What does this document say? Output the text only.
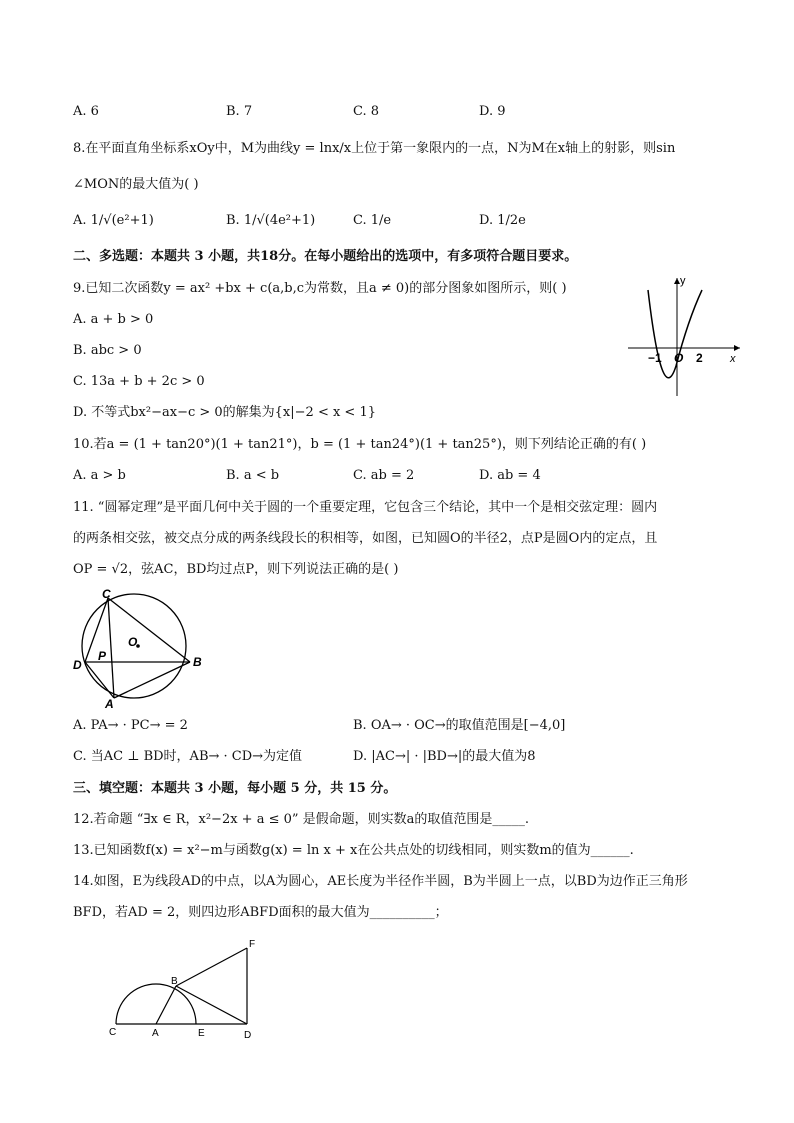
A. 6	B. 7	C. 8	D. 9
8.在平面直角坐标系xOy中，M为曲线y = lnx/x上位于第一象限内的一点，N为M在x轴上的射影，则sin
∠MON的最大值为( )
A. 1/√(e²+1)	B. 1/√(4e²+1)	C. 1/e	D. 1/2e
二、多选题：本题共 3 小题，共18分。在每小题给出的选项中，有多项符合题目要求。
9.已知二次函数y = ax² +bx + c(a,b,c为常数，且a ≠ 0)的部分图象如图所示，则( )
A. a + b > 0
B. abc > 0
C. 13a + b + 2c > 0
D. 不等式bx²−ax−c > 0的解集为{x|−2 < x < 1}
y
x
−1 O 2
10.若a = (1 + tan20°)(1 + tan21°)，b = (1 + tan24°)(1 + tan25°)，则下列结论正确的有( )
A. a > b	B. a < b	C. ab = 2	D. ab = 4
11. “圆幂定理”是平面几何中关于圆的一个重要定理，它包含三个结论，其中一个是相交弦定理：圆内
的两条相交弦，被交点分成的两条线段长的积相等，如图，已知圆O的半径2，点P是圆O内的定点，且
OP = √2，弦AC，BD均过点P，则下列说法正确的是( )
C
O
D
P	B
A
A. PA→ · PC→ = 2	B. OA→ · OC→的取值范围是[−4,0]
C. 当AC ⊥ BD时，AB→ · CD→为定值	D. |AC→| · |BD→|的最大值为8
三、填空题：本题共 3 小题，每小题 5 分，共 15 分。
12.若命题 “∃x ∈ R，x²−2x + a ≤ 0” 是假命题，则实数a的取值范围是_____.
13.已知函数f(x) = x²−m与函数g(x) = ln x + x在公共点处的切线相同，则实数m的值为______.
14.如图，E为线段AD的中点，以A为圆心，AE长度为半径作半圆，B为半圆上一点，以BD为边作正三角形
BFD，若AD = 2，则四边形ABFD面积的最大值为__________；
F
B
C	A	E	D
